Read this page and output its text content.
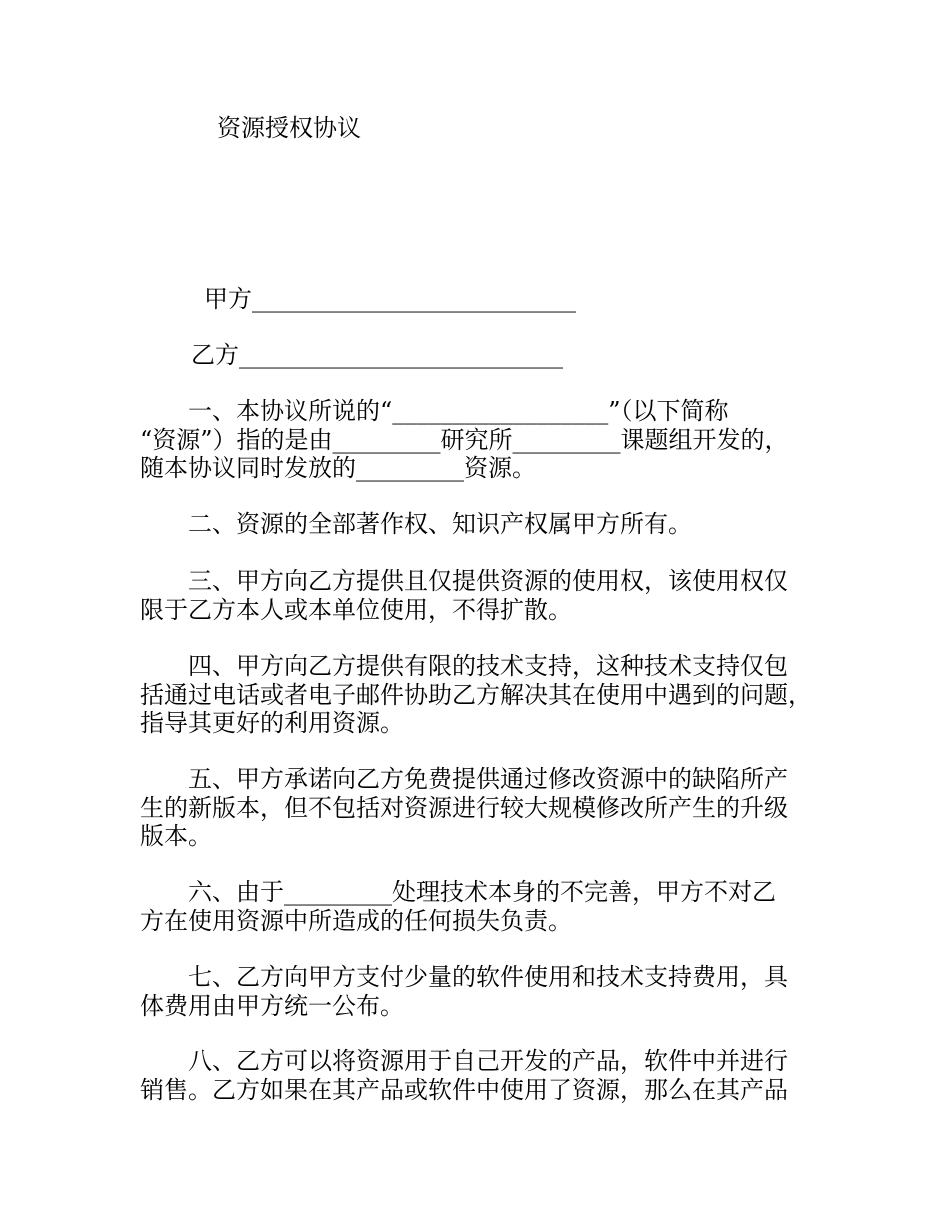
资源授权协议
甲方___________________________
乙方___________________________
　　一、本协议所说的“__________________”（以下简称
“资源”）指的是由_________研究所_________课题组开发的，
随本协议同时发放的_________资源。
　　二、资源的全部著作权、知识产权属甲方所有。
　　三、甲方向乙方提供且仅提供资源的使用权，该使用权仅
限于乙方本人或本单位使用，不得扩散。
　　四、甲方向乙方提供有限的技术支持，这种技术支持仅包
括通过电话或者电子邮件协助乙方解决其在使用中遇到的问题，
指导其更好的利用资源。
　　五、甲方承诺向乙方免费提供通过修改资源中的缺陷所产
生的新版本，但不包括对资源进行较大规模修改所产生的升级
版本。
　　六、由于_________处理技术本身的不完善，甲方不对乙
方在使用资源中所造成的任何损失负责。
　　七、乙方向甲方支付少量的软件使用和技术支持费用，具
体费用由甲方统一公布。
　　八、乙方可以将资源用于自己开发的产品，软件中并进行
销售。乙方如果在其产品或软件中使用了资源，那么在其产品
